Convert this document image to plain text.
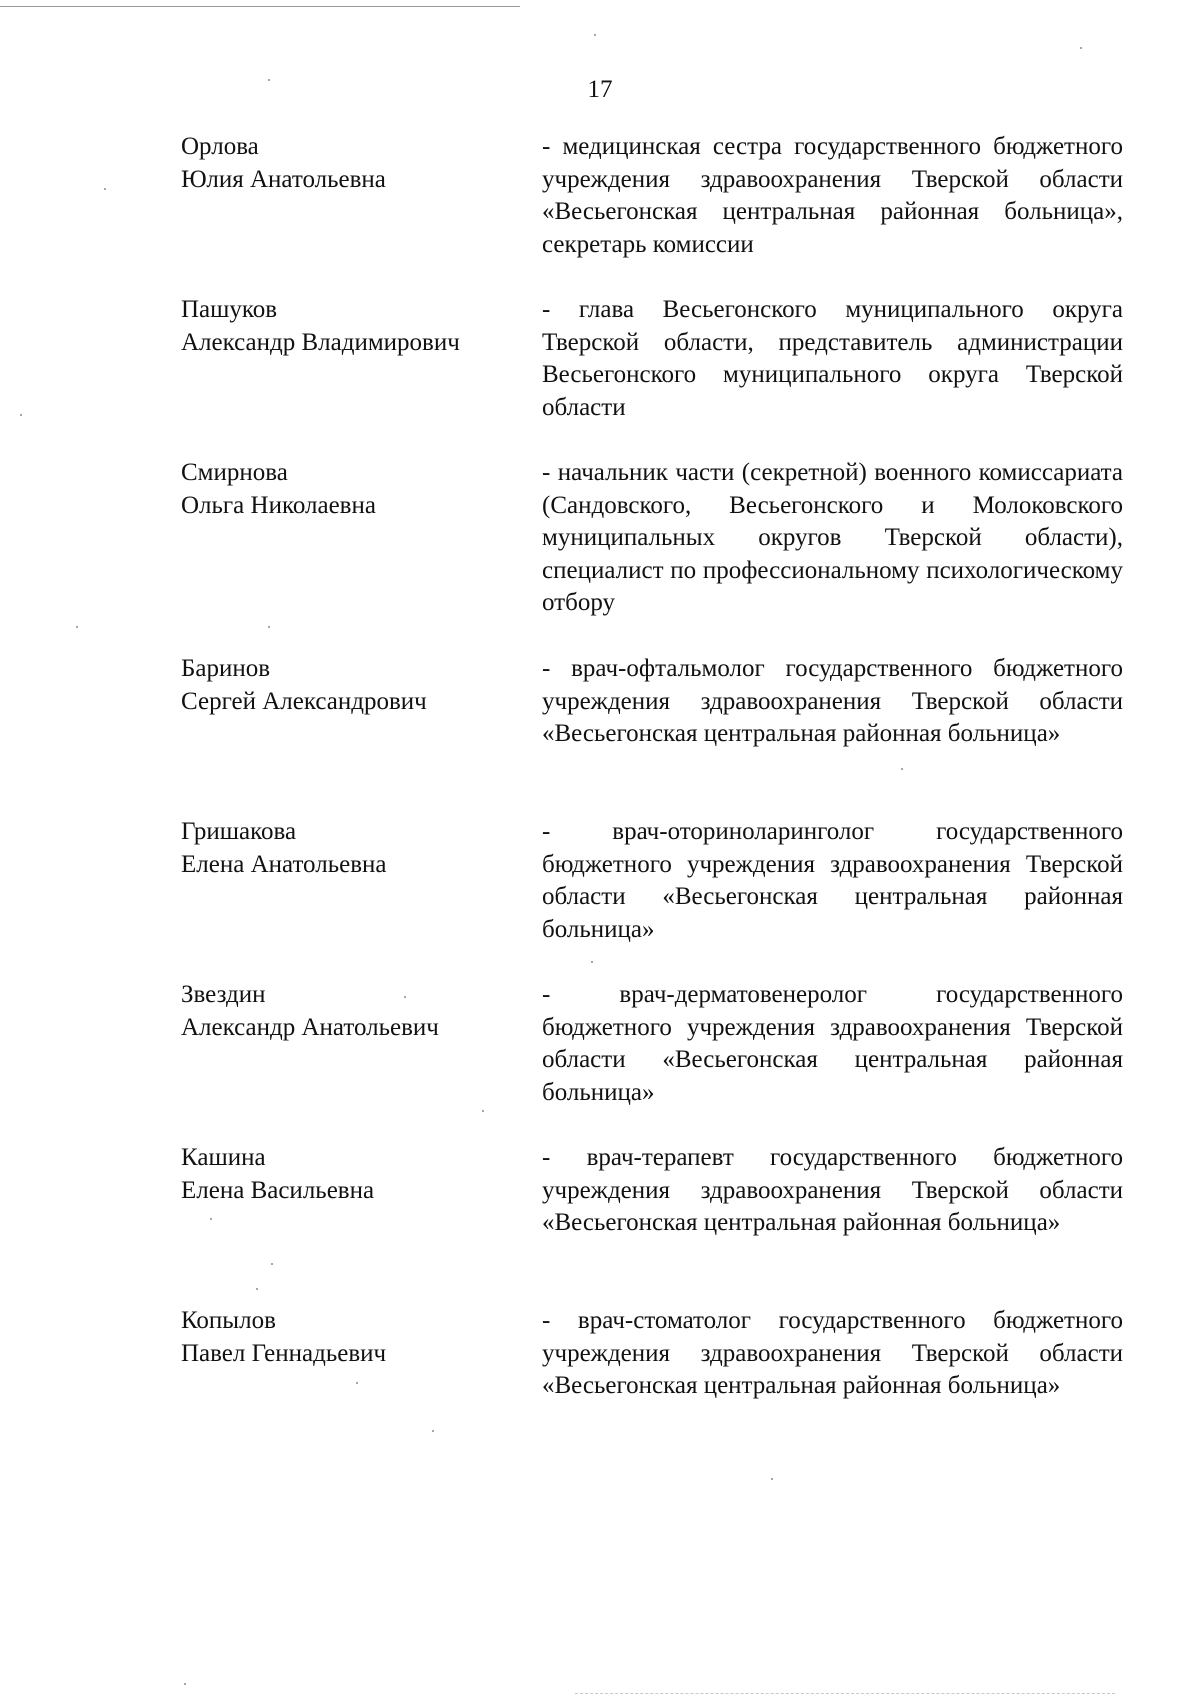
17
Орлова
Юлия Анатольевна
- медицинская сестра государственного бюджетного учреждения здравоохранения Тверской области «Весьегонская центральная районная больница», секретарь комиссии
Пашуков
Александр Владимирович
- глава Весьегонского муниципального округа Тверской области, представитель администрации Весьегонского муниципального округа Тверской области
Смирнова
Ольга Николаевна
- начальник части (секретной) военного комиссариата (Сандовского, Весьегонского и Молоковского муниципальных округов Тверской области), специалист по профессиональному психологическому отбору
Баринов
Сергей Александрович
- врач-офтальмолог государственного бюджетного учреждения здравоохранения Тверской области «Весьегонская центральная районная больница»
Гришакова
Елена Анатольевна
- врач-оториноларинголог государственного бюджетного учреждения здравоохранения Тверской области «Весьегонская центральная районная больница»
Звездин
Александр Анатольевич
- врач-дерматовенеролог государственного бюджетного учреждения здравоохранения Тверской области «Весьегонская центральная районная больница»
Кашина
Елена Васильевна
- врач-терапевт государственного бюджетного учреждения здравоохранения Тверской области «Весьегонская центральная районная больница»
Копылов
Павел Геннадьевич
- врач-стоматолог государственного бюджетного учреждения здравоохранения Тверской области «Весьегонская центральная районная больница»
